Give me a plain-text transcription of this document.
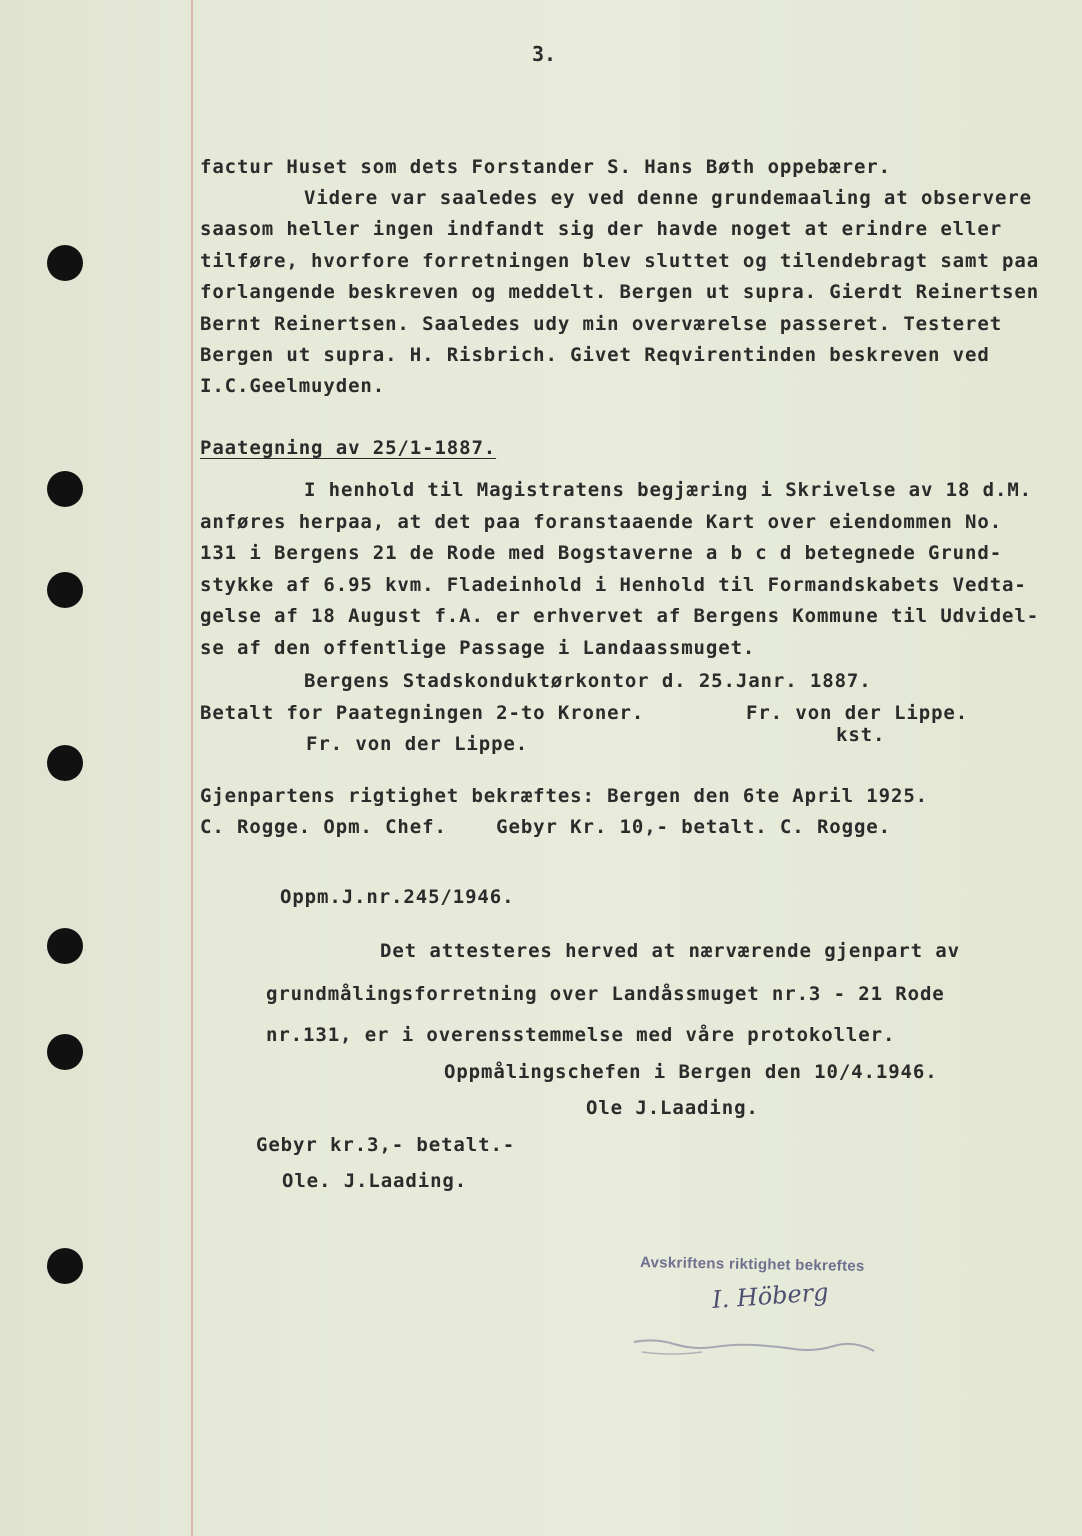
3.
factur Huset som dets Forstander S. Hans Bøth oppebærer.
Videre var saaledes ey ved denne grundemaaling at observere
saasom heller ingen indfandt sig der havde noget at erindre eller
tilføre, hvorfore forretningen blev sluttet og tilendebragt samt paa
forlangende beskreven og meddelt. Bergen ut supra. Gierdt Reinertsen
Bernt Reinertsen. Saaledes udy min overværelse passeret. Testeret
Bergen ut supra. H. Risbrich. Givet Reqvirentinden beskreven ved
I.C.Geelmuyden.
Paategning av 25/1-1887.
I henhold til Magistratens begjæring i Skrivelse av 18 d.M.
anføres herpaa, at det paa foranstaaende Kart over eiendommen No.
131 i Bergens 21 de Rode med Bogstaverne a b c d betegnede Grund-
stykke af 6.95 kvm. Fladeinhold i Henhold til Formandskabets Vedta-
gelse af 18 August f.A. er erhvervet af Bergens Kommune til Udvidel-
se af den offentlige Passage i Landaassmuget.
Bergens Stadskonduktørkontor d. 25.Janr. 1887.
Betalt for Paategningen 2-to Kroner.	Fr. von der Lippe.
Fr. von der Lippe.	kst.
Gjenpartens rigtighet bekræftes: Bergen den 6te April 1925.
C. Rogge. Opm. Chef.    Gebyr Kr. 10,- betalt. C. Rogge.
Oppm.J.nr.245/1946.
Det attesteres herved at nærværende gjenpart av
grundmålingsforretning over Landåssmuget nr.3 - 21 Rode
nr.131, er i overensstemmelse med våre protokoller.
Oppmålingschefen i Bergen den 10/4.1946.
Ole J.Laading.
Gebyr kr.3,- betalt.-
Ole. J.Laading.
Avskriftens riktighet bekreftes
I. Höberg
